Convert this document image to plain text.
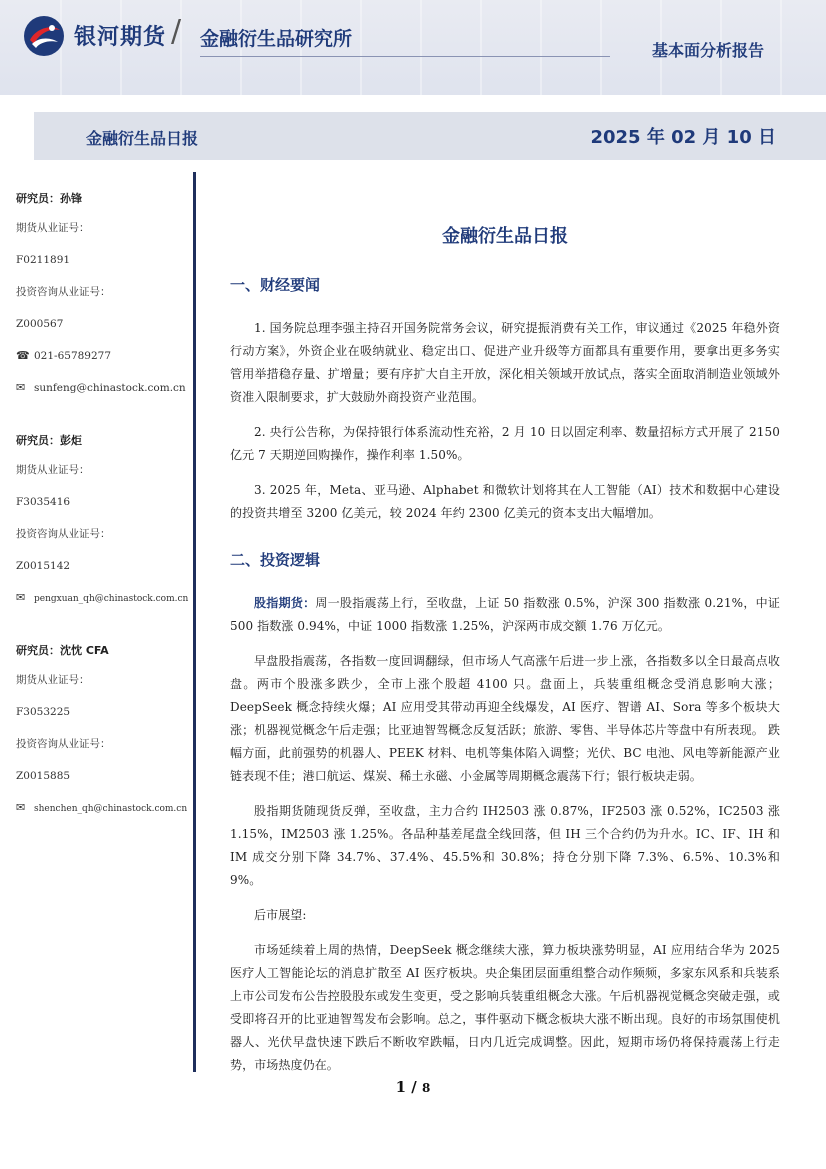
银河期货 / 金融衍生品研究所
基本面分析报告
金融衍生品日报	2025 年 02 月 10 日
研究员：孙锋
期货从业证号：
F0211891
投资咨询从业证号：
Z000567
☎ 021-65789277
✉ sunfeng@chinastock.com.cn
研究员：彭炬
期货从业证号：
F3035416
投资咨询从业证号：
Z0015142
✉ pengxuan_qh@chinastock.com.cn
研究员：沈忱 CFA
期货从业证号：
F3053225
投资咨询从业证号：
Z0015885
✉ shenchen_qh@chinastock.com.cn
金融衍生品日报
一、财经要闻

1. 国务院总理李强主持召开国务院常务会议，研究提振消费有关工作，审议通过《2025 年稳外资行动方案》，外资企业在吸纳就业、稳定出口、促进产业升级等方面都具有重要作用，要拿出更多务实管用举措稳存量、扩增量；要有序扩大自主开放，深化相关领域开放试点，落实全面取消制造业领域外资准入限制要求，扩大鼓励外商投资产业范围。

2. 央行公告称，为保持银行体系流动性充裕，2 月 10 日以固定利率、数量招标方式开展了 2150 亿元 7 天期逆回购操作，操作利率 1.50%。

3. 2025 年，Meta、亚马逊、Alphabet 和微软计划将其在人工智能（AI）技术和数据中心建设的投资共增至 3200 亿美元，较 2024 年约 2300 亿美元的资本支出大幅增加。

二、投资逻辑

股指期货：周一股指震荡上行，至收盘，上证 50 指数涨 0.5%，沪深 300 指数涨 0.21%，中证 500 指数涨 0.94%，中证 1000 指数涨 1.25%，沪深两市成交额 1.76 万亿元。

早盘股指震荡，各指数一度回调翻绿，但市场人气高涨午后进一步上涨，各指数多以全日最高点收盘。两市个股涨多跌少，全市上涨个股超 4100 只。盘面上，兵装重组概念受消息影响大涨；DeepSeek 概念持续火爆；AI 应用受其带动再迎全线爆发，AI 医疗、智谱 AI、Sora 等多个板块大涨；机器视觉概念午后走强；比亚迪智驾概念反复活跃；旅游、零售、半导体芯片等盘中有所表现。 跌幅方面，此前强势的机器人、PEEK 材料、电机等集体陷入调整；光伏、BC 电池、风电等新能源产业链表现不佳；港口航运、煤炭、稀土永磁、小金属等周期概念震荡下行；银行板块走弱。

股指期货随现货反弹，至收盘，主力合约 IH2503 涨 0.87%，IF2503 涨 0.52%，IC2503 涨 1.15%，IM2503 涨 1.25%。各品种基差尾盘全线回落，但 IH 三个合约仍为升水。IC、IF、IH 和 IM 成交分别下降 34.7%、37.4%、45.5%和 30.8%；持仓分别下降 7.3%、6.5%、10.3%和 9%。

后市展望:

市场延续着上周的热情，DeepSeek 概念继续大涨，算力板块涨势明显，AI 应用结合华为 2025 医疗人工智能论坛的消息扩散至 AI 医疗板块。央企集团层面重组整合动作频频，多家东风系和兵装系上市公司发布公告控股股东或发生变更，受之影响兵装重组概念大涨。午后机器视觉概念突破走强，或受即将召开的比亚迪智驾发布会影响。总之，事件驱动下概念板块大涨不断出现。良好的市场氛围使机器人、光伏早盘快速下跌后不断收窄跌幅，日内几近完成调整。因此，短期市场仍将保持震荡上行走势，市场热度仍在。

1 / 8
